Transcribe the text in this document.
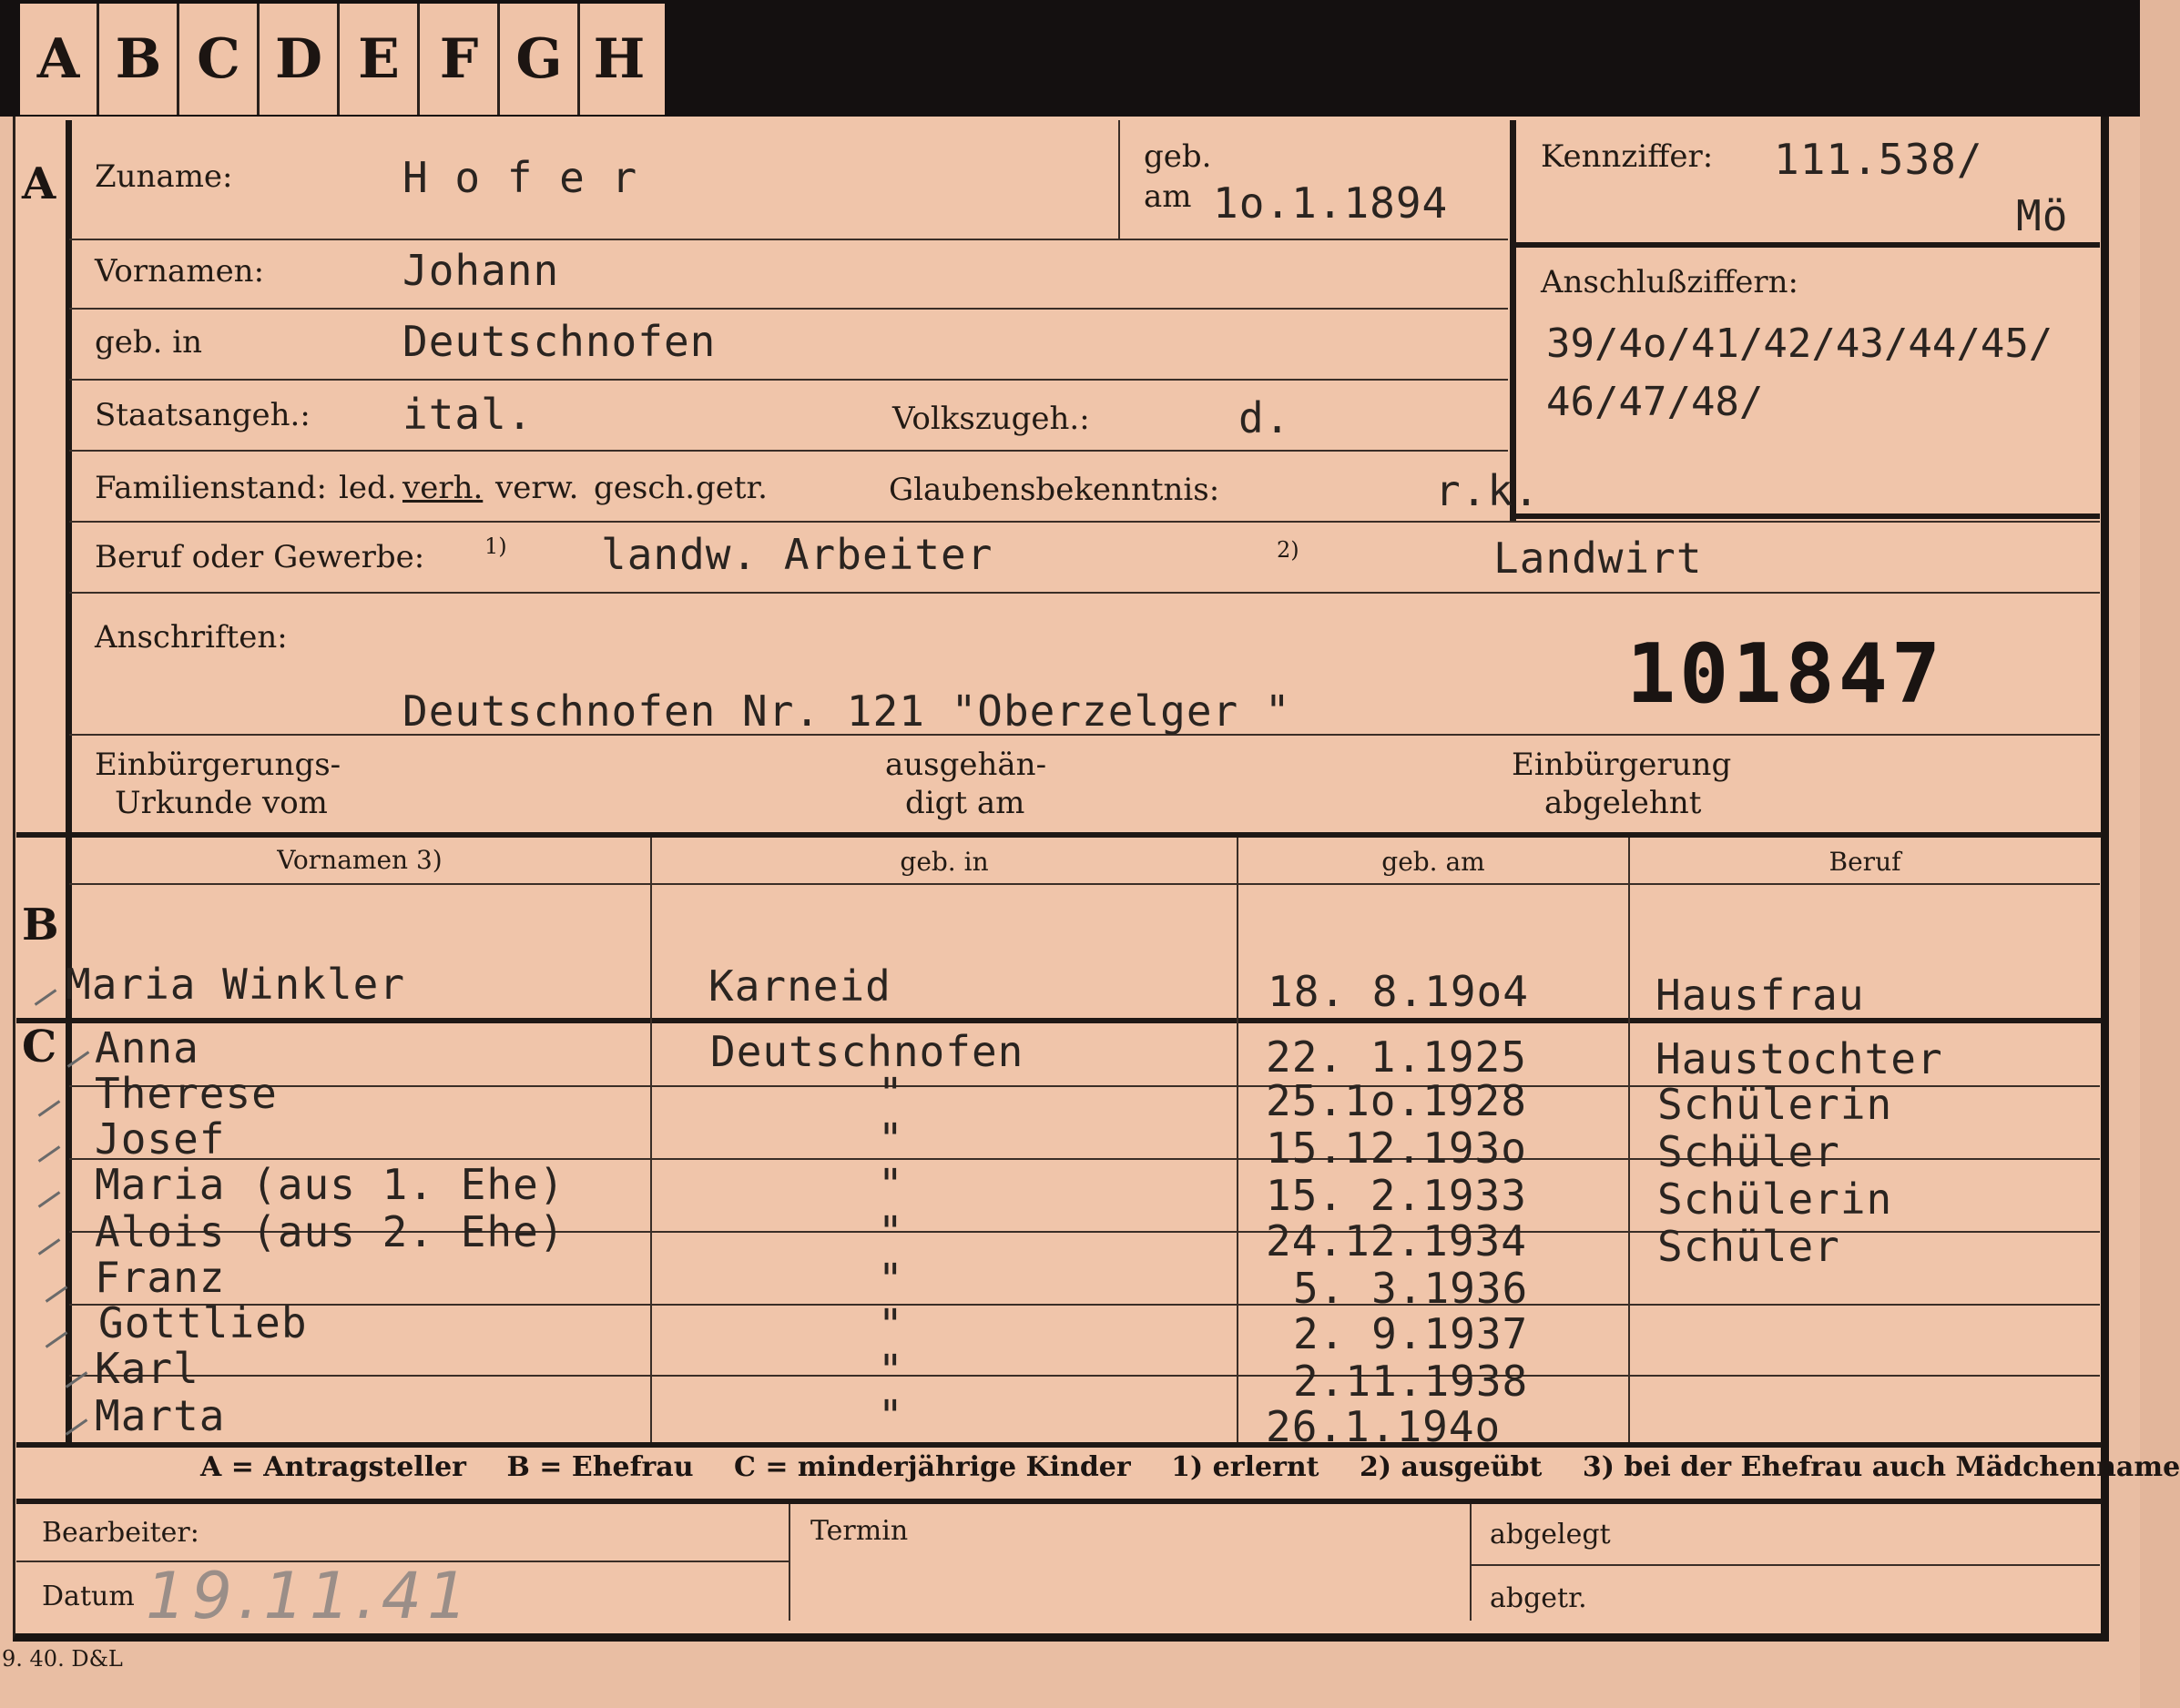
A B C D E F G H
A
B
C
Zuname:	H o f e r	geb.
am 1o.1.1894
Vornamen:	Johann
geb. in	Deutschnofen
Staatsangeh.: ital.	Volkszugeh.:	d.
Familienstand: led. verh. verw. gesch. getr.	Glaubensbekenntnis:	r.k.
Beruf oder Gewerbe:	1) landw. Arbeiter	2)	Landwirt
Anschriften:
Deutschnofen Nr. 121 "Oberzelger "	101847
Einbürgerungs-
Urkunde vom
ausgehän-
digt am
Einbürgerung
abgelehnt
Kennziffer: 111.538/
Mö
Anschlußziffern:
39/4o/41/42/43/44/45/
46/47/48/
Vornamen 3)	geb. in	geb. am	Beruf
Maria Winkler	Karneid	18. 8.19o4	Hausfrau
Anna	Deutschnofen	22. 1.1925	Haustochter
Therese	"	25.1o.1928	Schülerin
Josef	"	15.12.193o	Schüler
Maria (aus 1. Ehe)	"	15. 2.1933	Schülerin
Alois (aus 2. Ehe)	"	24.12.1934	Schüler
Franz	"	5. 3.1936
Gottlieb	"	2. 9.1937
Karl	"	2.11.1938
Marta	"	26.1.194o
A = Antragsteller B = Ehefrau C = minderjährige Kinder 1) erlernt 2) ausgeübt 3) bei der Ehefrau auch Mädchenname
Bearbeiter:
Datum 19.11.41
Termin	abgelegt
abgetr.
9. 40. D&L
